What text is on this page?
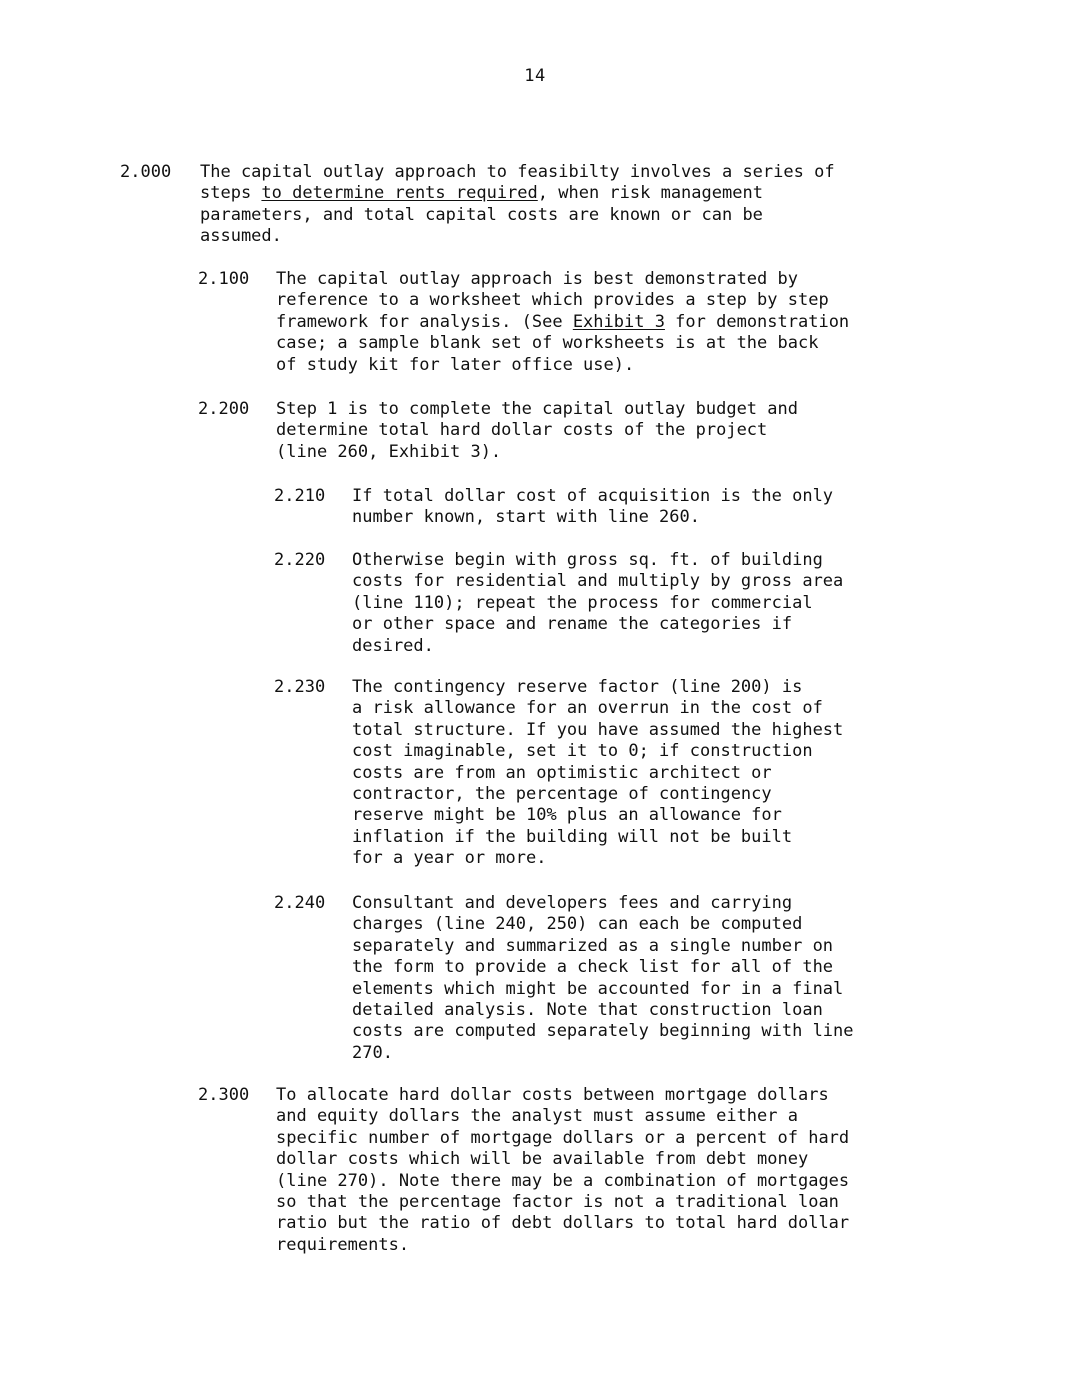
14
2.000	The capital outlay approach to feasibilty involves a series of
steps to determine rents required, when risk management
parameters, and total capital costs are known or can be
assumed.
2.100	The capital outlay approach is best demonstrated by
reference to a worksheet which provides a step by step
framework for analysis. (See Exhibit 3 for demonstration
case; a sample blank set of worksheets is at the back
of study kit for later office use).
2.200	Step 1 is to complete the capital outlay budget and
determine total hard dollar costs of the project
(line 260, Exhibit 3).
2.210	If total dollar cost of acquisition is the only
number known, start with line 260.
2.220	Otherwise begin with gross sq. ft. of building
costs for residential and multiply by gross area
(line 110); repeat the process for commercial
or other space and rename the categories if
desired.
2.230	The contingency reserve factor (line 200) is
a risk allowance for an overrun in the cost of
total structure. If you have assumed the highest
cost imaginable, set it to 0; if construction
costs are from an optimistic architect or
contractor, the percentage of contingency
reserve might be 10% plus an allowance for
inflation if the building will not be built
for a year or more.
2.240	Consultant and developers fees and carrying
charges (line 240, 250) can each be computed
separately and summarized as a single number on
the form to provide a check list for all of the
elements which might be accounted for in a final
detailed analysis. Note that construction loan
costs are computed separately beginning with line
270.
2.300	To allocate hard dollar costs between mortgage dollars
and equity dollars the analyst must assume either a
specific number of mortgage dollars or a percent of hard
dollar costs which will be available from debt money
(line 270). Note there may be a combination of mortgages
so that the percentage factor is not a traditional loan
ratio but the ratio of debt dollars to total hard dollar
requirements.
